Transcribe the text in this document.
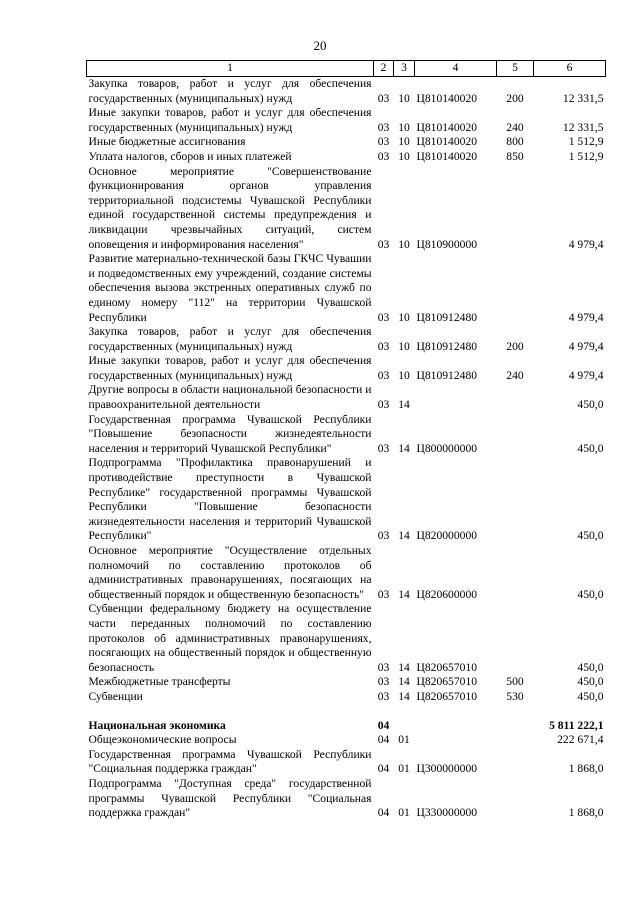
20
1	2	3	4	5	6
Закупка товаров, работ и услуг для обеспечения государственных (муниципальных) нужд	03	10	Ц810140020	200	12 331,5
Иные закупки товаров, работ и услуг для обеспечения государственных (муниципальных) нужд	03	10	Ц810140020	240	12 331,5
Иные бюджетные ассигнования	03	10	Ц810140020	800	1 512,9
Уплата налогов, сборов и иных платежей	03	10	Ц810140020	850	1 512,9
Основное мероприятие "Совершенствование функционирования органов управления территориальной подсистемы Чувашской Республики единой государственной системы предупреждения и ликвидации чрезвычайных ситуаций, систем оповещения и информирования населения"	03	10	Ц810900000		4 979,4
Развитие материально-технической базы ГКЧС Чувашии и подведомственных ему учреждений, создание системы обеспечения вызова экстренных оперативных служб по единому номеру "112" на территории Чувашской Республики	03	10	Ц810912480		4 979,4
Закупка товаров, работ и услуг для обеспечения государственных (муниципальных) нужд	03	10	Ц810912480	200	4 979,4
Иные закупки товаров, работ и услуг для обеспечения государственных (муниципальных) нужд	03	10	Ц810912480	240	4 979,4
Другие вопросы в области национальной безопасности и правоохранительной деятельности	03	14			450,0
Государственная программа Чувашской Республики "Повышение безопасности жизнедеятельности населения и территорий Чувашской Республики"	03	14	Ц800000000		450,0
Подпрограмма "Профилактика правонарушений и противодействие преступности в Чувашской Республике" государственной программы Чувашской Республики "Повышение безопасности жизнедеятельности населения и территорий Чувашской Республики"	03	14	Ц820000000		450,0
Основное мероприятие "Осуществление отдельных полномочий по составлению протоколов об административных правонарушениях, посягающих на общественный порядок и общественную безопасность"	03	14	Ц820600000		450,0
Субвенции федеральному бюджету на осуществление части переданных полномочий по составлению протоколов об административных правонарушениях, посягающих на общественный порядок и общественную безопасность	03	14	Ц820657010		450,0
Межбюджетные трансферты	03	14	Ц820657010	500	450,0
Субвенции	03	14	Ц820657010	530	450,0

Национальная экономика	04				5 811 222,1
Общеэкономические вопросы	04	01			222 671,4
Государственная программа Чувашской Республики "Социальная поддержка граждан"	04	01	Ц300000000		1 868,0
Подпрограмма "Доступная среда" государственной программы Чувашской Республики "Социальная поддержка граждан"	04	01	Ц330000000		1 868,0
